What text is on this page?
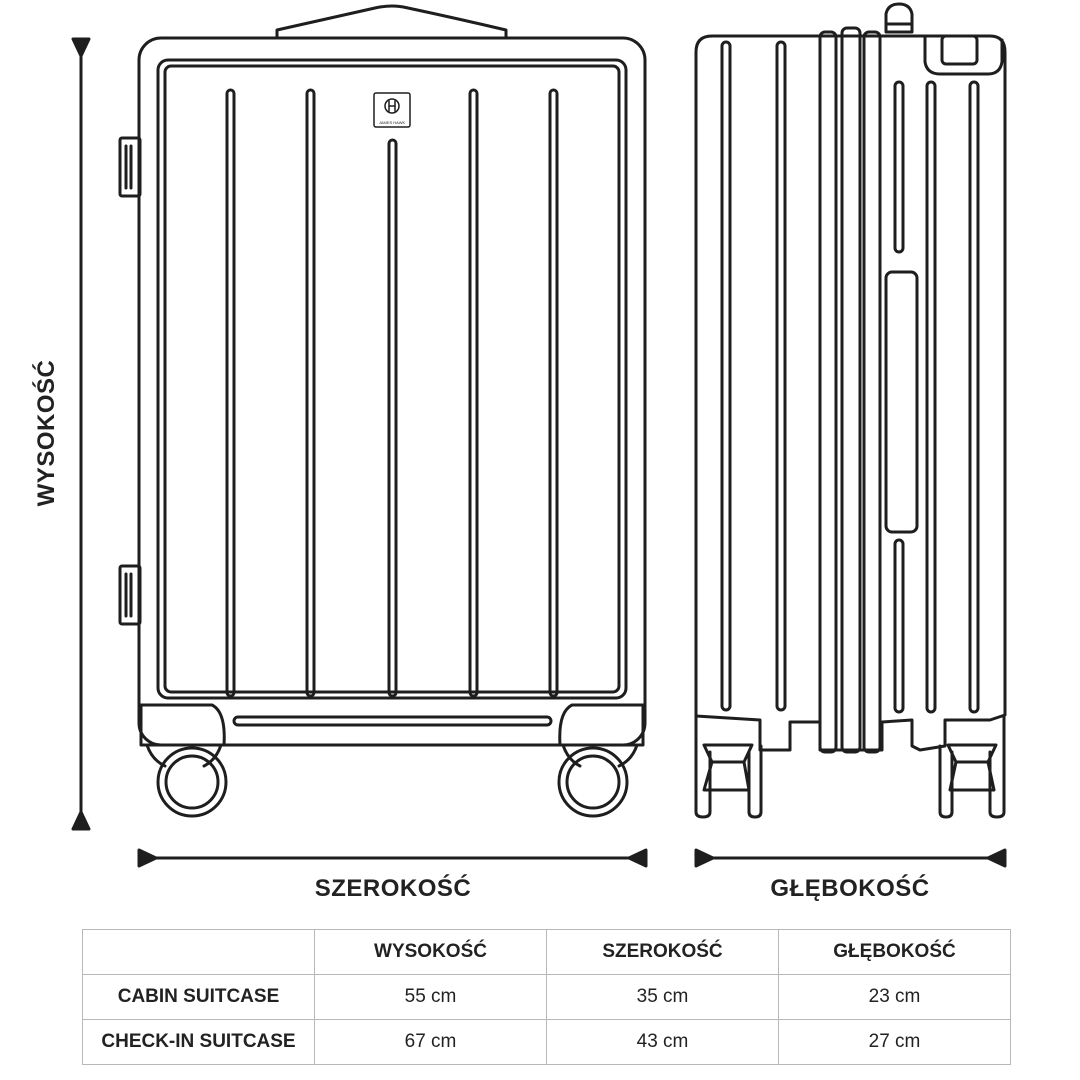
JAMES HAWK
WYSOKOŚĆ
SZEROKOŚĆ	GŁĘBOKOŚĆ
	WYSOKOŚĆ	SZEROKOŚĆ	GŁĘBOKOŚĆ
CABIN SUITCASE	55 cm	35 cm	23 cm
CHECK-IN SUITCASE	67 cm	43 cm	27 cm
